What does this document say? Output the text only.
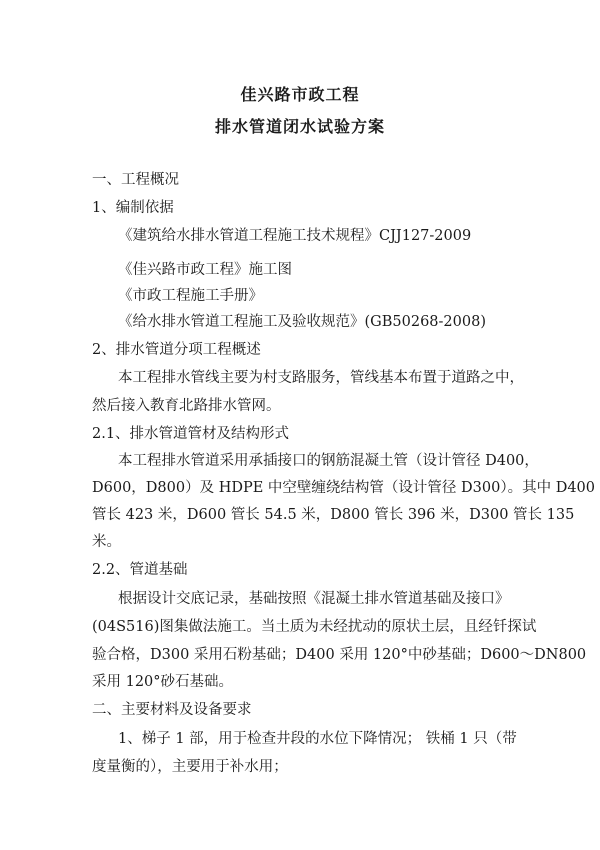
佳兴路市政工程
排水管道闭水试验方案
一、工程概况
1、编制依据
《建筑给水排水管道工程施工技术规程》CJJ127-2009
《佳兴路市政工程》施工图
《市政工程施工手册》
《给水排水管道工程施工及验收规范》(GB50268-2008)
2、排水管道分项工程概述
本工程排水管线主要为村支路服务，管线基本布置于道路之中，
然后接入教育北路排水管网。
2.1、排水管道管材及结构形式
本工程排水管道采用承插接口的钢筋混凝土管（设计管径 D400，
D600，D800）及 HDPE 中空壁缠绕结构管（设计管径 D300）。其中 D400
管长 423 米，D600 管长 54.5 米，D800 管长 396 米，D300 管长 135
米。
2.2、管道基础
根据设计交底记录，基础按照《混凝土排水管道基础及接口》
(04S516)图集做法施工。当土质为未经扰动的原状土层，且经钎探试
验合格，D300 采用石粉基础；D400 采用 120°中砂基础；D600～DN800
采用 120°砂石基础。
二、主要材料及设备要求
1、梯子 1 部，用于检查井段的水位下降情况； 铁桶 1 只（带
度量衡的），主要用于补水用；
